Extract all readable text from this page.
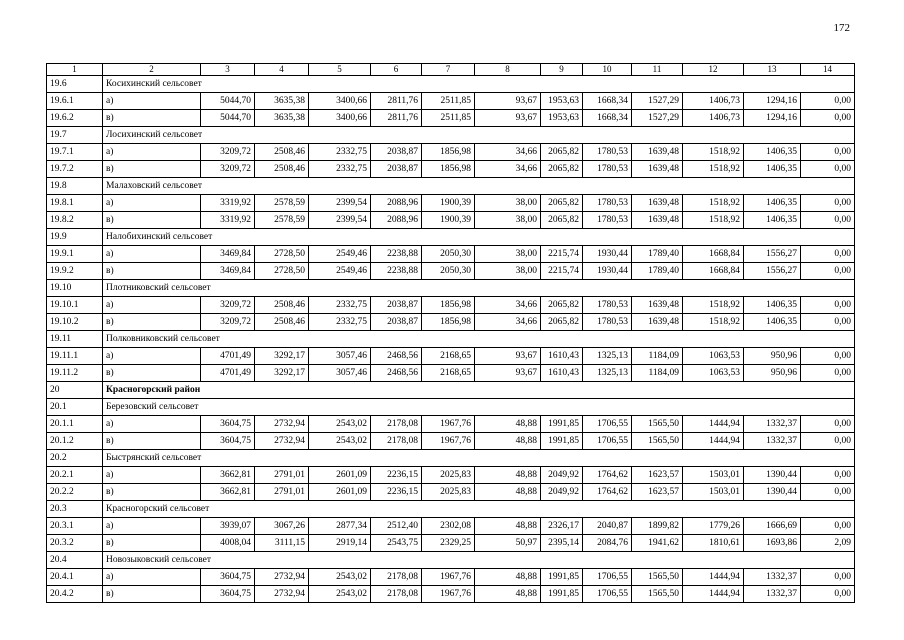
172
1	2	3	4	5	6	7	8	9	10	11	12	13	14
19.6	Косихинский сельсовет												
19.6.1	а)	5044,70	3635,38	3400,66	2811,76	2511,85	93,67	1953,63	1668,34	1527,29	1406,73	1294,16	0,00
19.6.2	в)	5044,70	3635,38	3400,66	2811,76	2511,85	93,67	1953,63	1668,34	1527,29	1406,73	1294,16	0,00
19.7	Лосихинский сельсовет												
19.7.1	а)	3209,72	2508,46	2332,75	2038,87	1856,98	34,66	2065,82	1780,53	1639,48	1518,92	1406,35	0,00
19.7.2	в)	3209,72	2508,46	2332,75	2038,87	1856,98	34,66	2065,82	1780,53	1639,48	1518,92	1406,35	0,00
19.8	Малаховский сельсовет												
19.8.1	а)	3319,92	2578,59	2399,54	2088,96	1900,39	38,00	2065,82	1780,53	1639,48	1518,92	1406,35	0,00
19.8.2	в)	3319,92	2578,59	2399,54	2088,96	1900,39	38,00	2065,82	1780,53	1639,48	1518,92	1406,35	0,00
19.9	Налобихинский сельсовет												
19.9.1	а)	3469,84	2728,50	2549,46	2238,88	2050,30	38,00	2215,74	1930,44	1789,40	1668,84	1556,27	0,00
19.9.2	в)	3469,84	2728,50	2549,46	2238,88	2050,30	38,00	2215,74	1930,44	1789,40	1668,84	1556,27	0,00
19.10	Плотниковский сельсовет												
19.10.1	а)	3209,72	2508,46	2332,75	2038,87	1856,98	34,66	2065,82	1780,53	1639,48	1518,92	1406,35	0,00
19.10.2	в)	3209,72	2508,46	2332,75	2038,87	1856,98	34,66	2065,82	1780,53	1639,48	1518,92	1406,35	0,00
19.11	Полковниковский сельсовет												
19.11.1	а)	4701,49	3292,17	3057,46	2468,56	2168,65	93,67	1610,43	1325,13	1184,09	1063,53	950,96	0,00
19.11.2	в)	4701,49	3292,17	3057,46	2468,56	2168,65	93,67	1610,43	1325,13	1184,09	1063,53	950,96	0,00
20	Красногорский район												
20.1	Березовский сельсовет												
20.1.1	а)	3604,75	2732,94	2543,02	2178,08	1967,76	48,88	1991,85	1706,55	1565,50	1444,94	1332,37	0,00
20.1.2	в)	3604,75	2732,94	2543,02	2178,08	1967,76	48,88	1991,85	1706,55	1565,50	1444,94	1332,37	0,00
20.2	Быстрянский сельсовет												
20.2.1	а)	3662,81	2791,01	2601,09	2236,15	2025,83	48,88	2049,92	1764,62	1623,57	1503,01	1390,44	0,00
20.2.2	в)	3662,81	2791,01	2601,09	2236,15	2025,83	48,88	2049,92	1764,62	1623,57	1503,01	1390,44	0,00
20.3	Красногорский сельсовет												
20.3.1	а)	3939,07	3067,26	2877,34	2512,40	2302,08	48,88	2326,17	2040,87	1899,82	1779,26	1666,69	0,00
20.3.2	в)	4008,04	3111,15	2919,14	2543,75	2329,25	50,97	2395,14	2084,76	1941,62	1810,61	1693,86	2,09
20.4	Новозыковский сельсовет												
20.4.1	а)	3604,75	2732,94	2543,02	2178,08	1967,76	48,88	1991,85	1706,55	1565,50	1444,94	1332,37	0,00
20.4.2	в)	3604,75	2732,94	2543,02	2178,08	1967,76	48,88	1991,85	1706,55	1565,50	1444,94	1332,37	0,00
